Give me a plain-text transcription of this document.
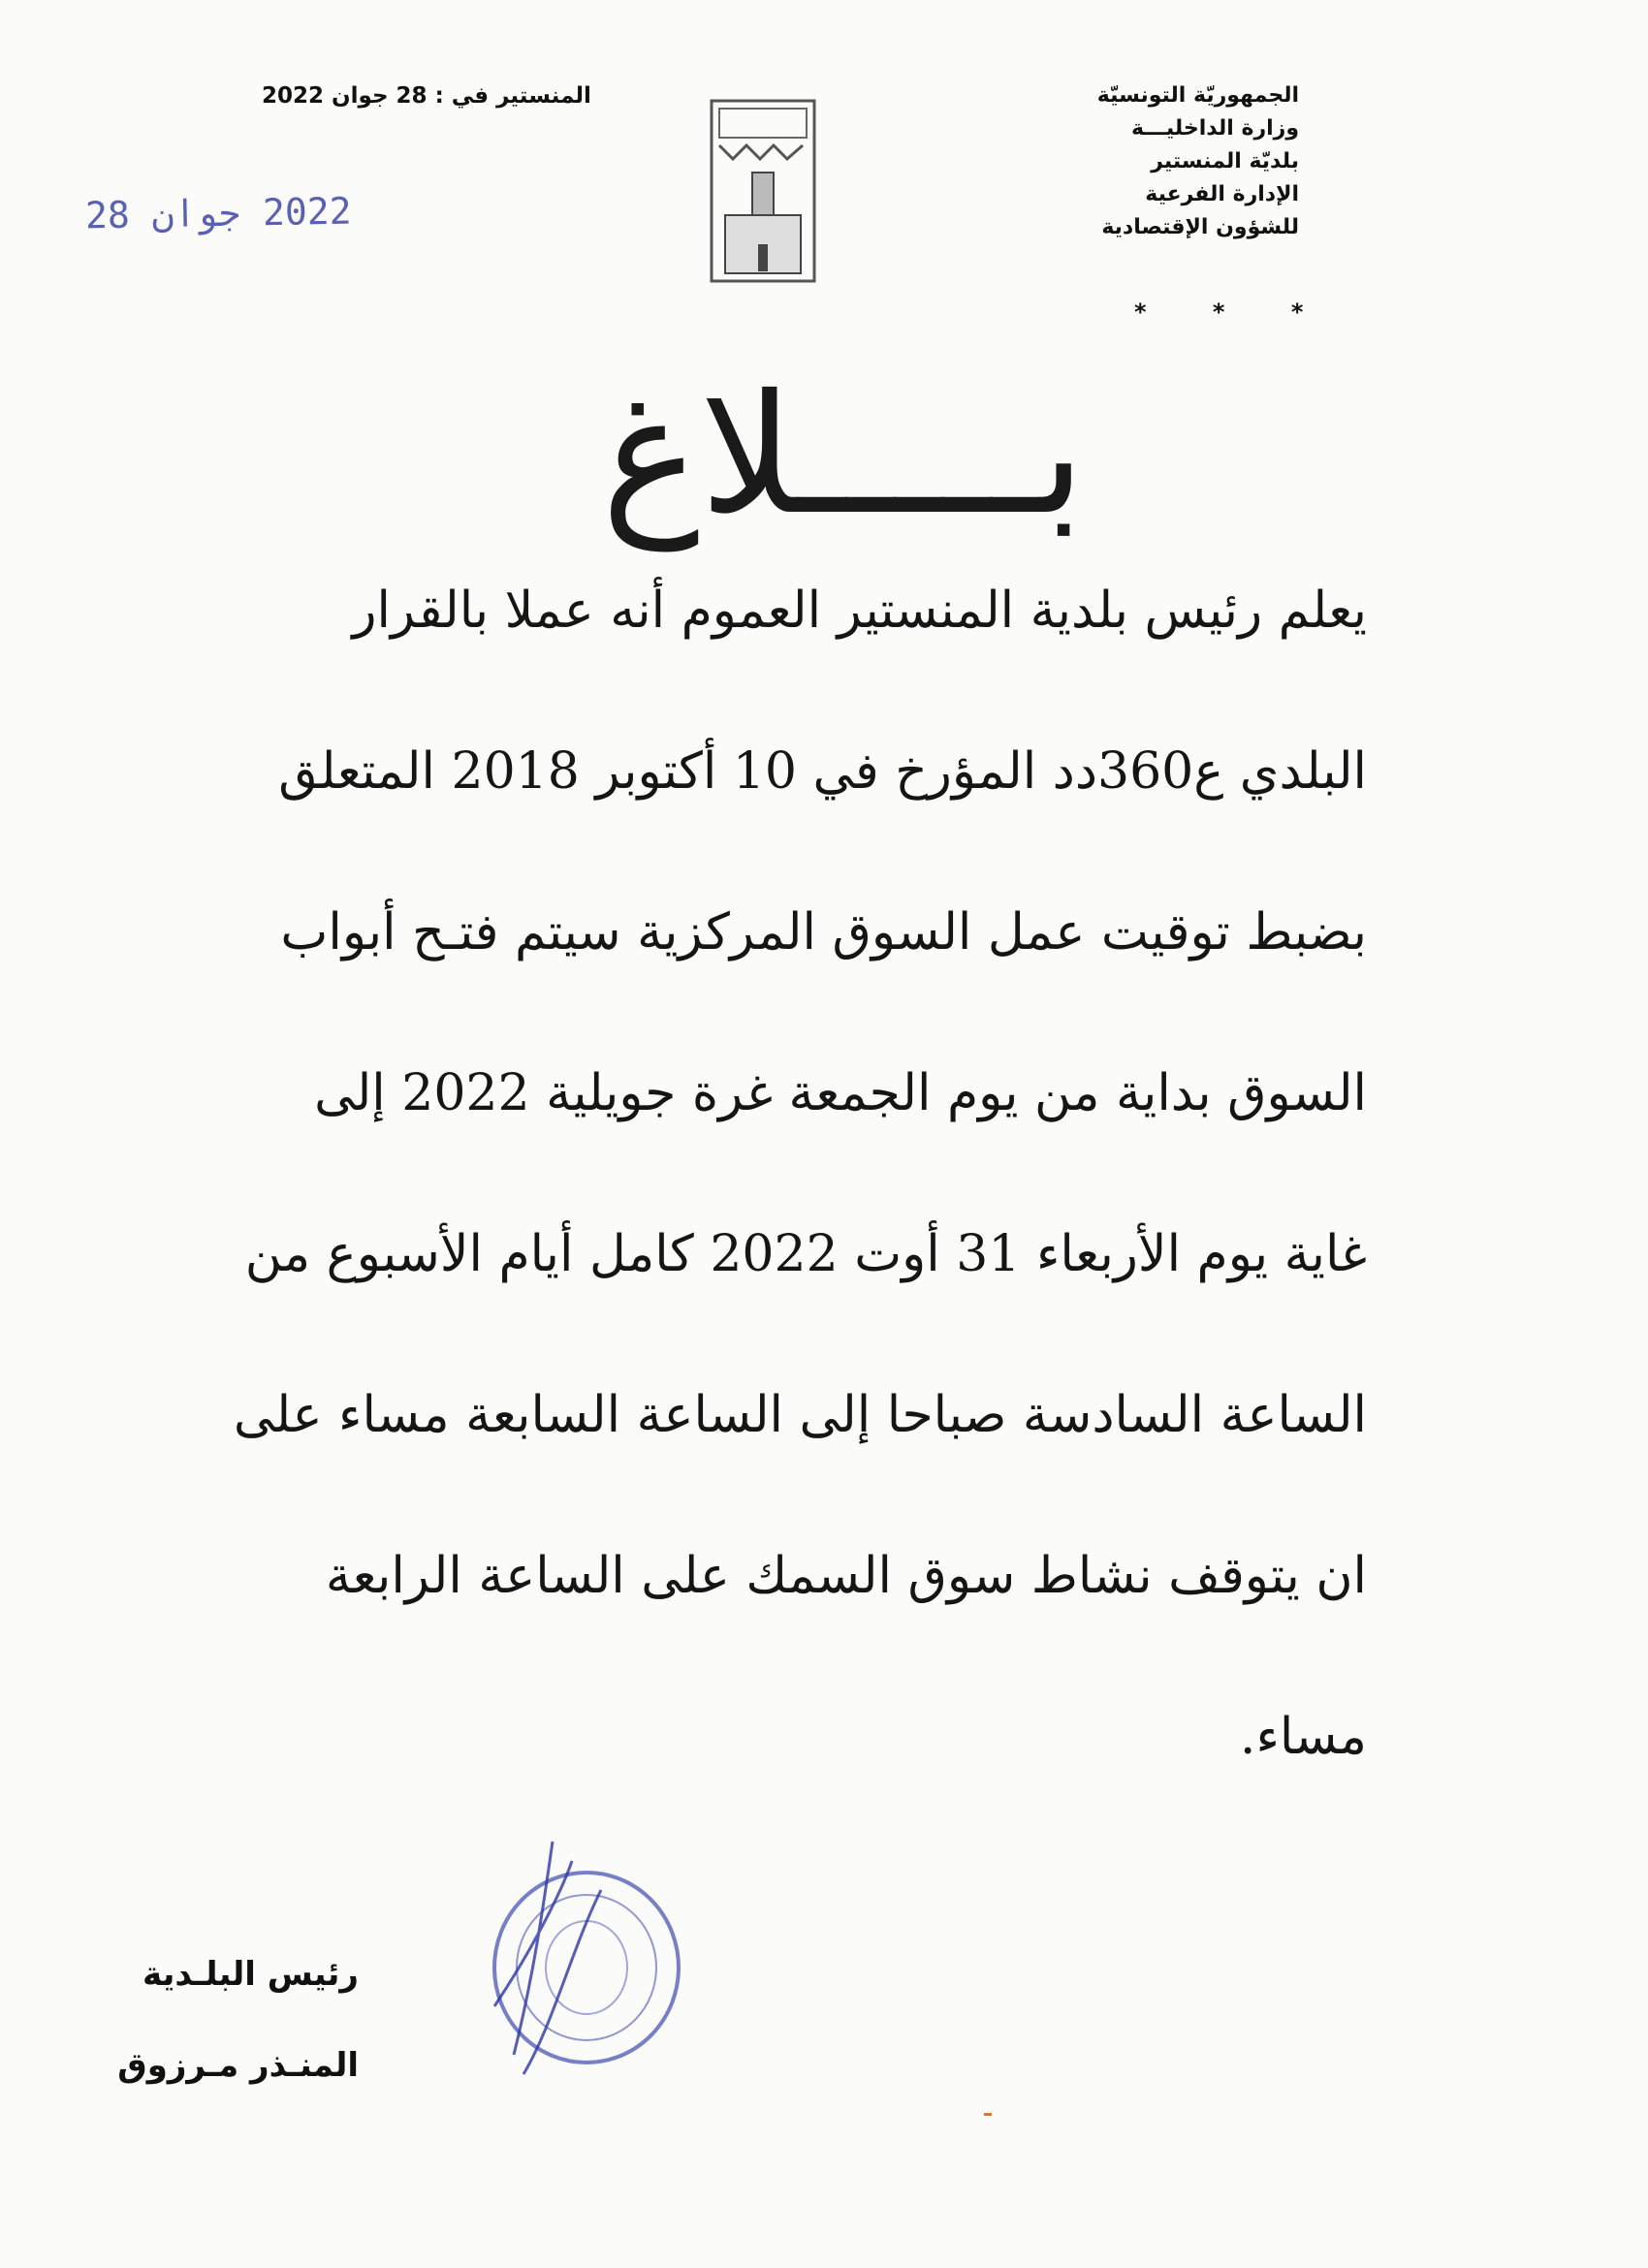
الجمهوريّة التونسيّة
وزارة الداخليـــة
بلديّة المنستير
الإدارة الفرعية
للشؤون الإقتصادية
* * *
المنستير في : 28 جوان 2022
2022 جوان 28
بـــــلاغ
يعلم رئيس بلدية المنستير العموم أنه عملا بالقرار
البلدي ع360دد المؤرخ في 10 أكتوبر 2018 المتعلق
بضبط توقيت عمل السوق المركزية سيتم فتـح أبواب
السوق بداية من يوم الجمعة غرة جويلية 2022 إلى
غاية يوم الأربعاء 31 أوت 2022 كامل أيام الأسبوع من
الساعة السادسة صباحا إلى الساعة السابعة مساء على
ان يتوقف نشاط سوق السمك على الساعة الرابعة
مساء.
رئيس البلـدية
المنـذر مـرزوق
